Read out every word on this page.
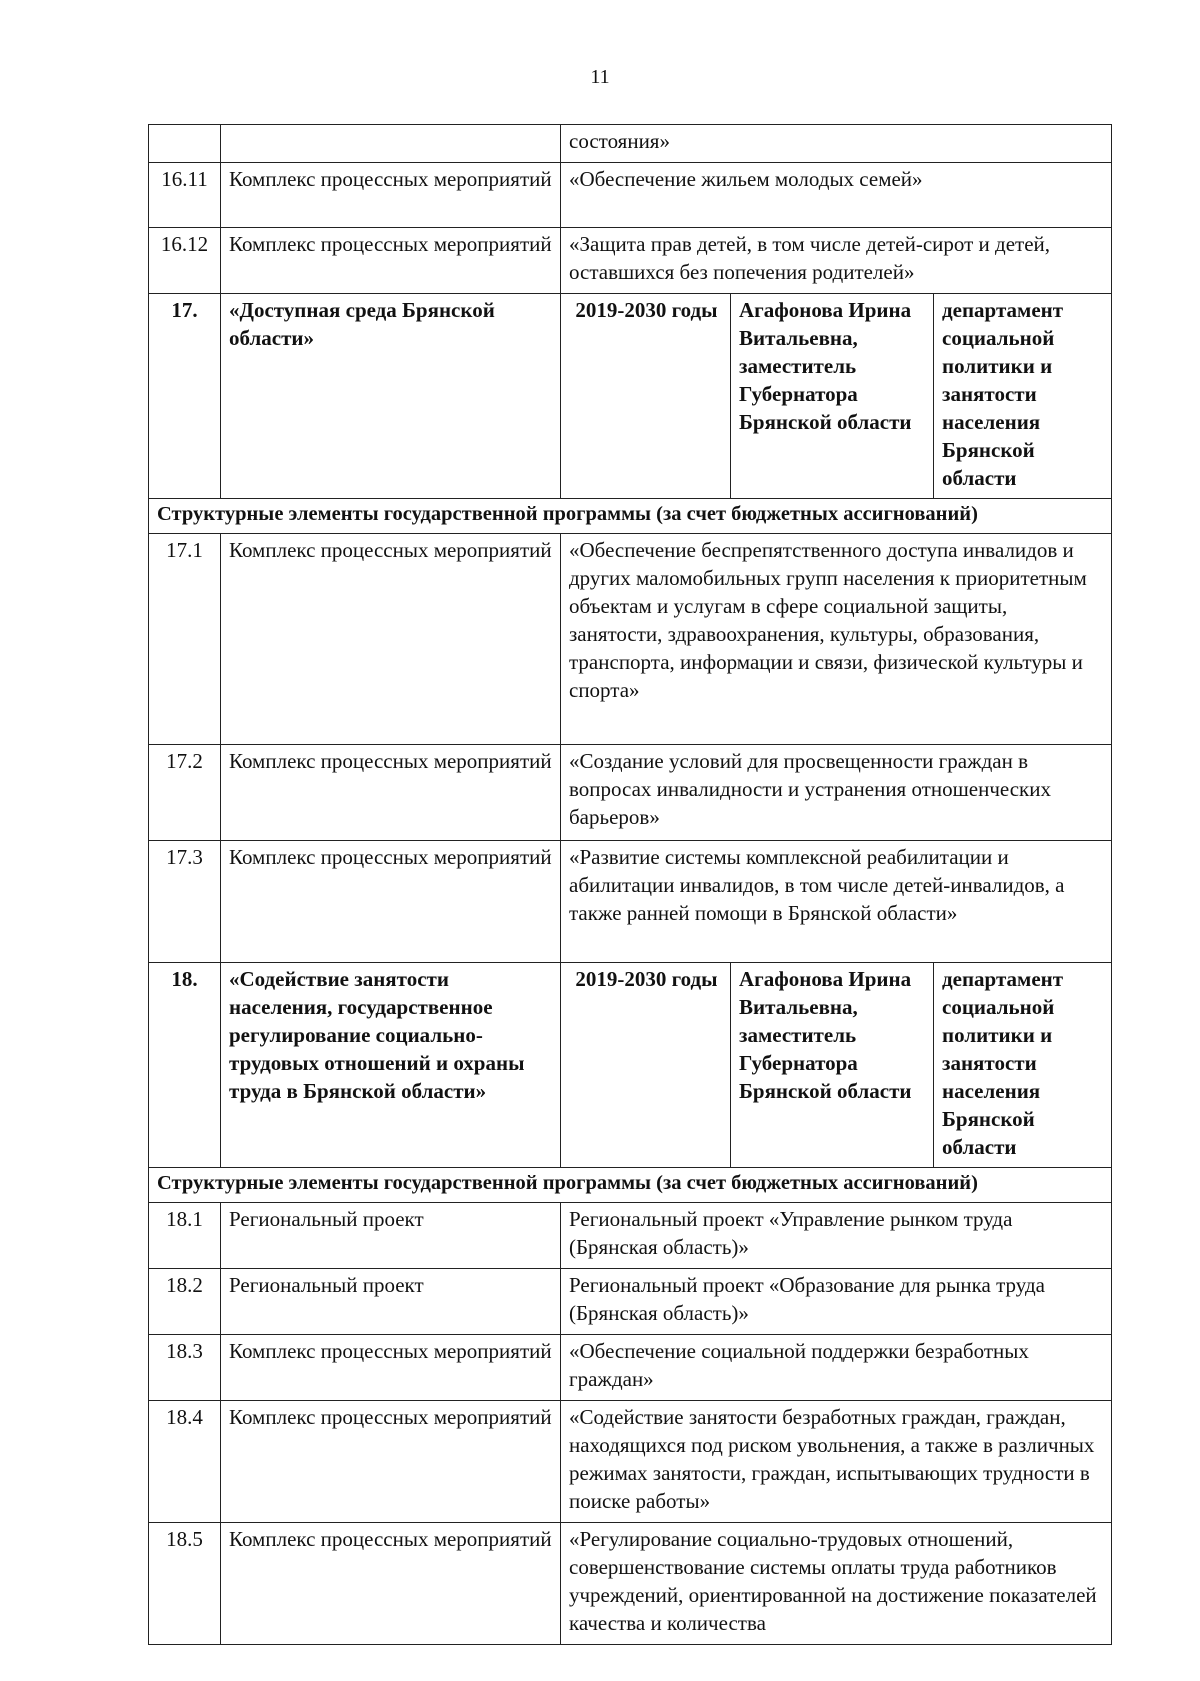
11
		состояния»		
16.11	Комплекс процессных мероприятий	«Обеспечение жильем молодых семей»		
16.12	Комплекс процессных мероприятий	«Защита прав детей, в том числе детей-сирот и детей, оставшихся без попечения родителей»		
17.	«Доступная среда Брянской области»	2019-2030 годы	Агафонова Ирина Витальевна, заместитель Губернатора Брянской области	департамент социальной политики и занятости населения Брянской области
Структурные элементы государственной программы (за счет бюджетных ассигнований)				
17.1	Комплекс процессных мероприятий	«Обеспечение беспрепятственного доступа инвалидов и других маломобильных групп населения к приоритетным объектам и услугам в сфере социальной защиты, занятости, здравоохранения, культуры, образования, транспорта, информации и связи, физической культуры и спорта»		
17.2	Комплекс процессных мероприятий	«Создание условий для просвещенности граждан в вопросах инвалидности и устранения отношенческих барьеров»		
17.3	Комплекс процессных мероприятий	«Развитие системы комплексной реабилитации и абилитации инвалидов, в том числе детей-инвалидов, а также ранней помощи в Брянской области»		
18.	«Содействие занятости населения, государственное регулирование социально-трудовых отношений и охраны труда в Брянской области»	2019-2030 годы	Агафонова Ирина Витальевна, заместитель Губернатора Брянской области	департамент социальной политики и занятости населения Брянской области
Структурные элементы государственной программы (за счет бюджетных ассигнований)				
18.1	Региональный проект	Региональный проект «Управление рынком труда (Брянская область)»		
18.2	Региональный проект	Региональный проект «Образование для рынка труда (Брянская область)»		
18.3	Комплекс процессных мероприятий	«Обеспечение социальной поддержки безработных граждан»		
18.4	Комплекс процессных мероприятий	«Содействие занятости безработных граждан, граждан, находящихся под риском увольнения, а также в различных режимах занятости, граждан, испытывающих трудности в поиске работы»		
18.5	Комплекс процессных мероприятий	«Регулирование социально-трудовых отношений, совершенствование системы оплаты труда работников учреждений, ориентированной на достижение показателей качества и количества		
